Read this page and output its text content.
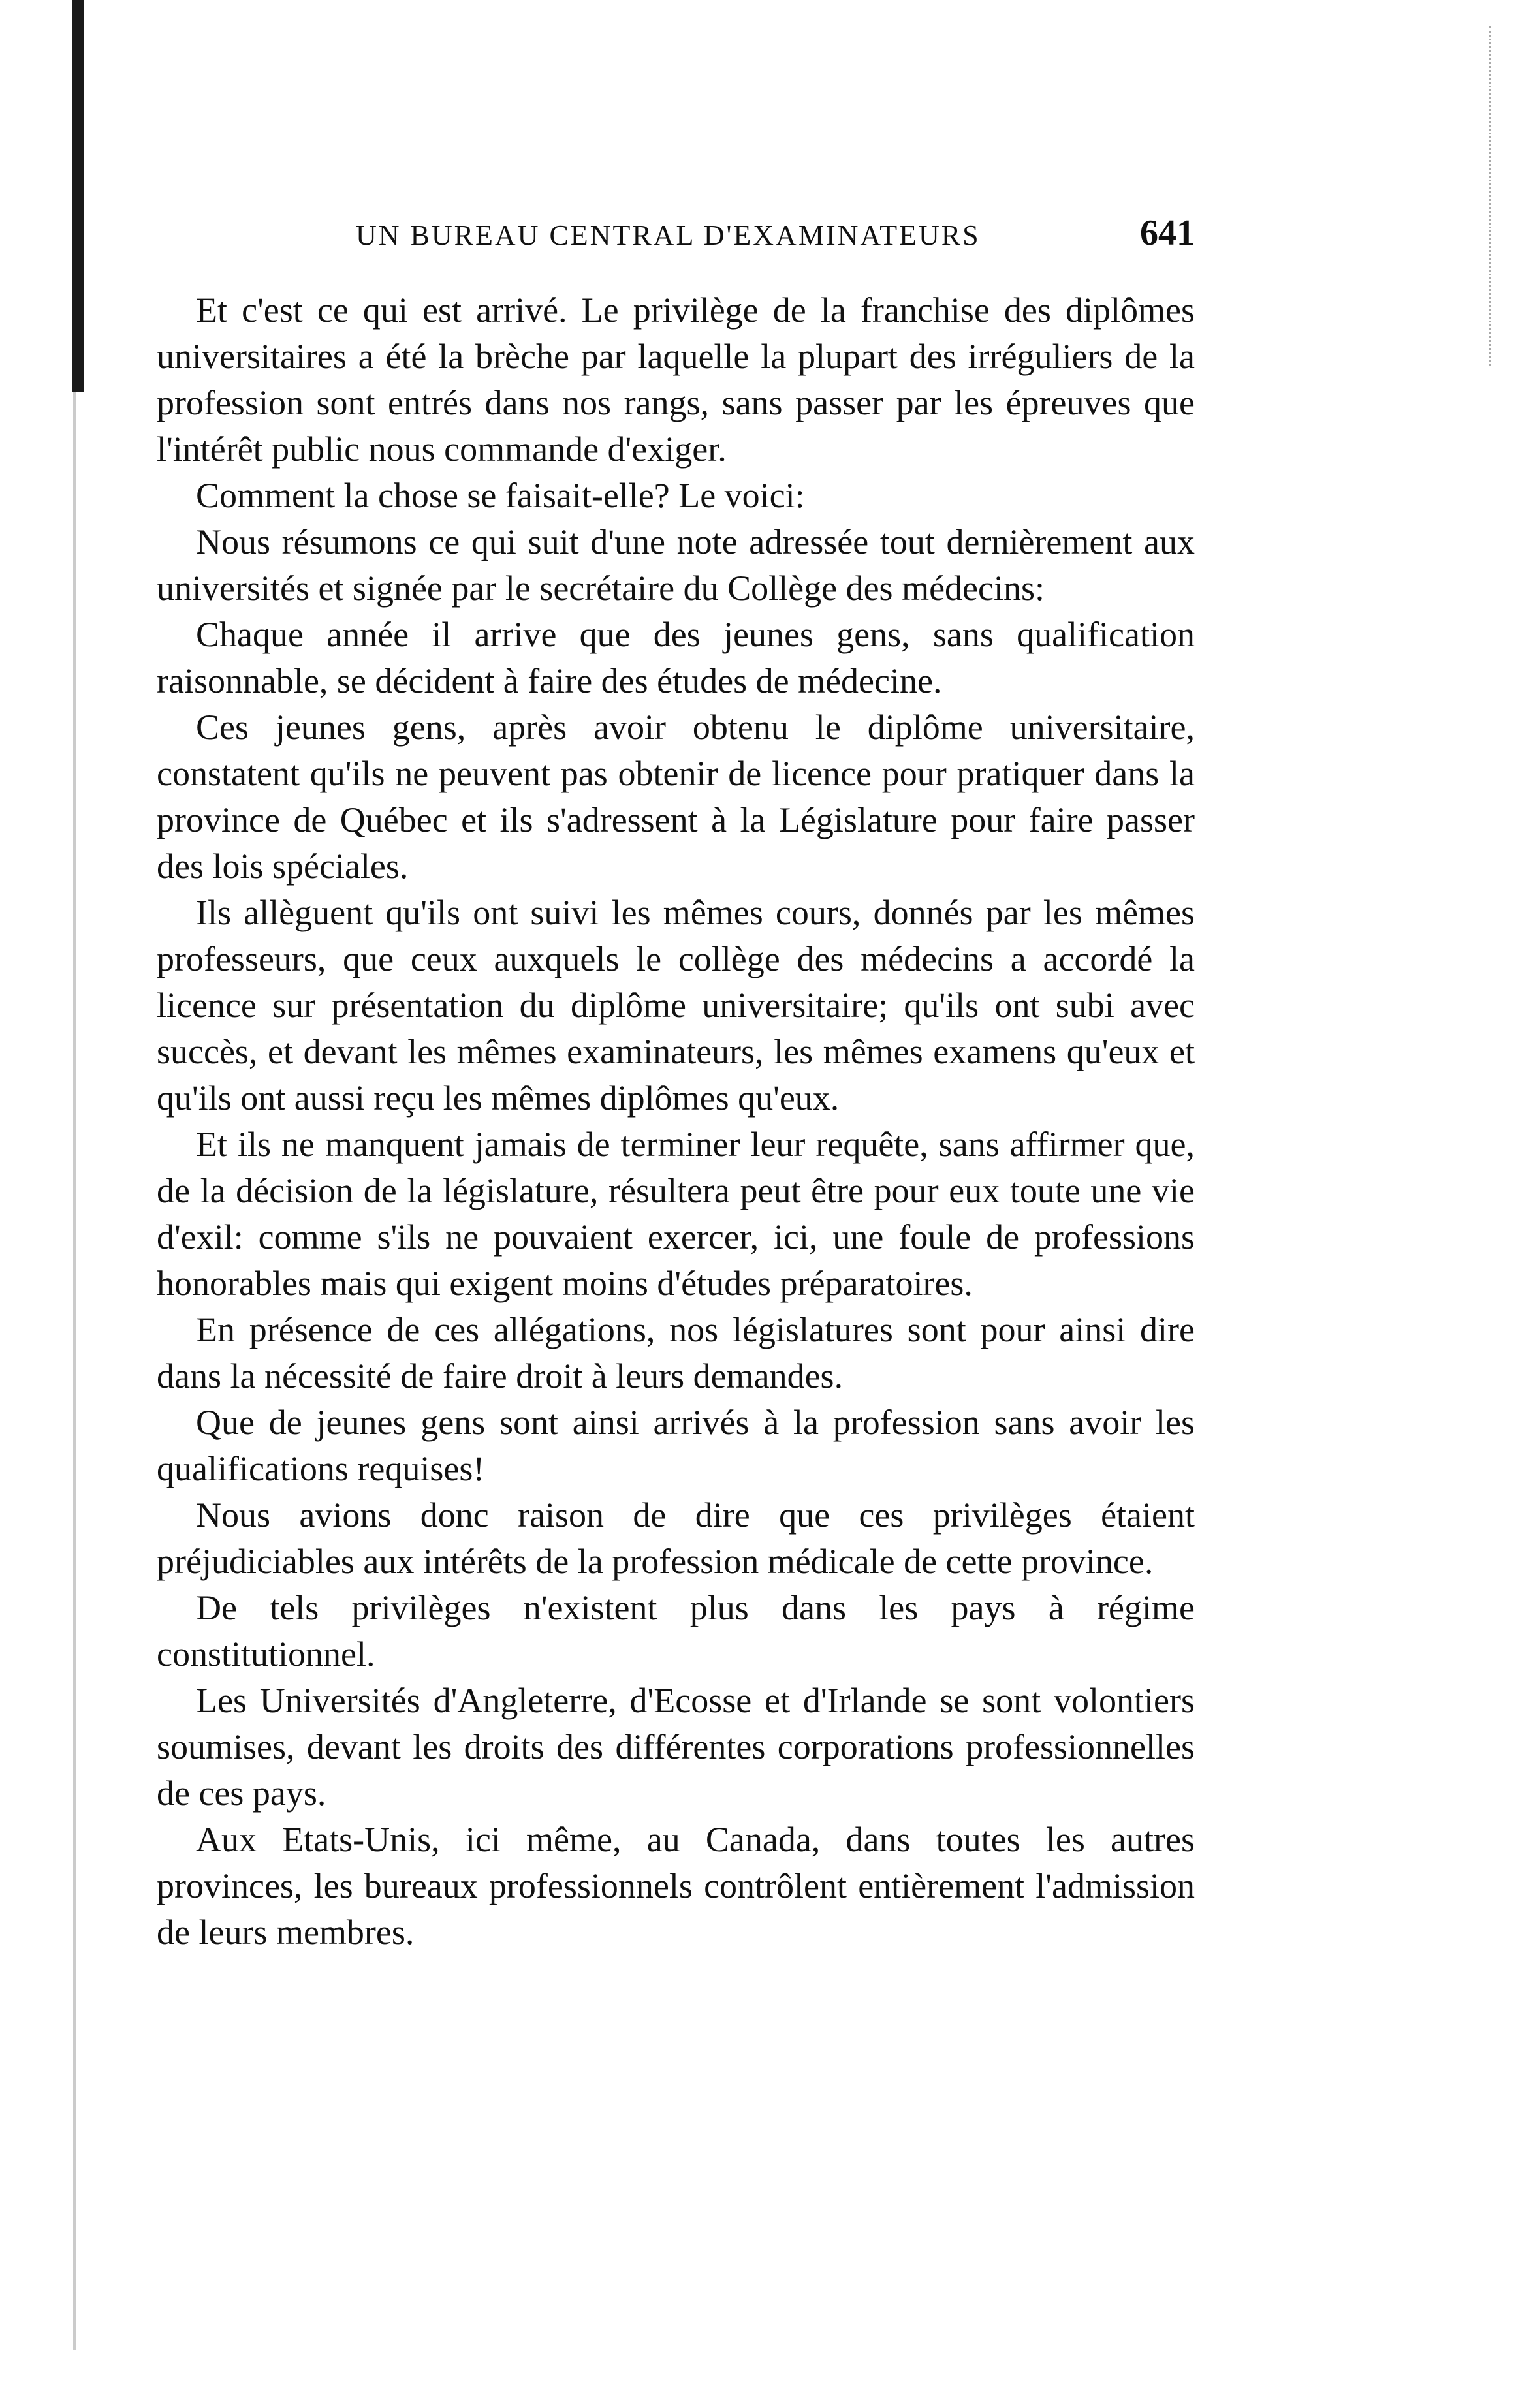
UN BUREAU CENTRAL D'EXAMINATEURS	641

Et c'est ce qui est arrivé. Le privilège de la franchise des diplômes universitaires a été la brèche par laquelle la plupart des irréguliers de la profession sont entrés dans nos rangs, sans passer par les épreuves que l'intérêt public nous commande d'exiger.

Comment la chose se faisait-elle? Le voici:

Nous résumons ce qui suit d'une note adressée tout dernièrement aux universités et signée par le secrétaire du Collège des médecins:

Chaque année il arrive que des jeunes gens, sans qualification raisonnable, se décident à faire des études de médecine.

Ces jeunes gens, après avoir obtenu le diplôme universitaire, constatent qu'ils ne peuvent pas obtenir de licence pour pratiquer dans la province de Québec et ils s'adressent à la Législature pour faire passer des lois spéciales.

Ils allèguent qu'ils ont suivi les mêmes cours, donnés par les mêmes professeurs, que ceux auxquels le collège des médecins a accordé la licence sur présentation du diplôme universitaire; qu'ils ont subi avec succès, et devant les mêmes examinateurs, les mêmes examens qu'eux et qu'ils ont aussi reçu les mêmes diplômes qu'eux.

Et ils ne manquent jamais de terminer leur requête, sans affirmer que, de la décision de la législature, résultera peut être pour eux toute une vie d'exil: comme s'ils ne pouvaient exercer, ici, une foule de professions honorables mais qui exigent moins d'études préparatoires.

En présence de ces allégations, nos législatures sont pour ainsi dire dans la nécessité de faire droit à leurs demandes.

Que de jeunes gens sont ainsi arrivés à la profession sans avoir les qualifications requises!

Nous avions donc raison de dire que ces privilèges étaient préjudiciables aux intérêts de la profession médicale de cette province.

De tels privilèges n'existent plus dans les pays à régime constitutionnel.

Les Universités d'Angleterre, d'Ecosse et d'Irlande se sont volontiers soumises, devant les droits des différentes corporations professionnelles de ces pays.

Aux Etats-Unis, ici même, au Canada, dans toutes les autres provinces, les bureaux professionnels contrôlent entièrement l'admission de leurs membres.
